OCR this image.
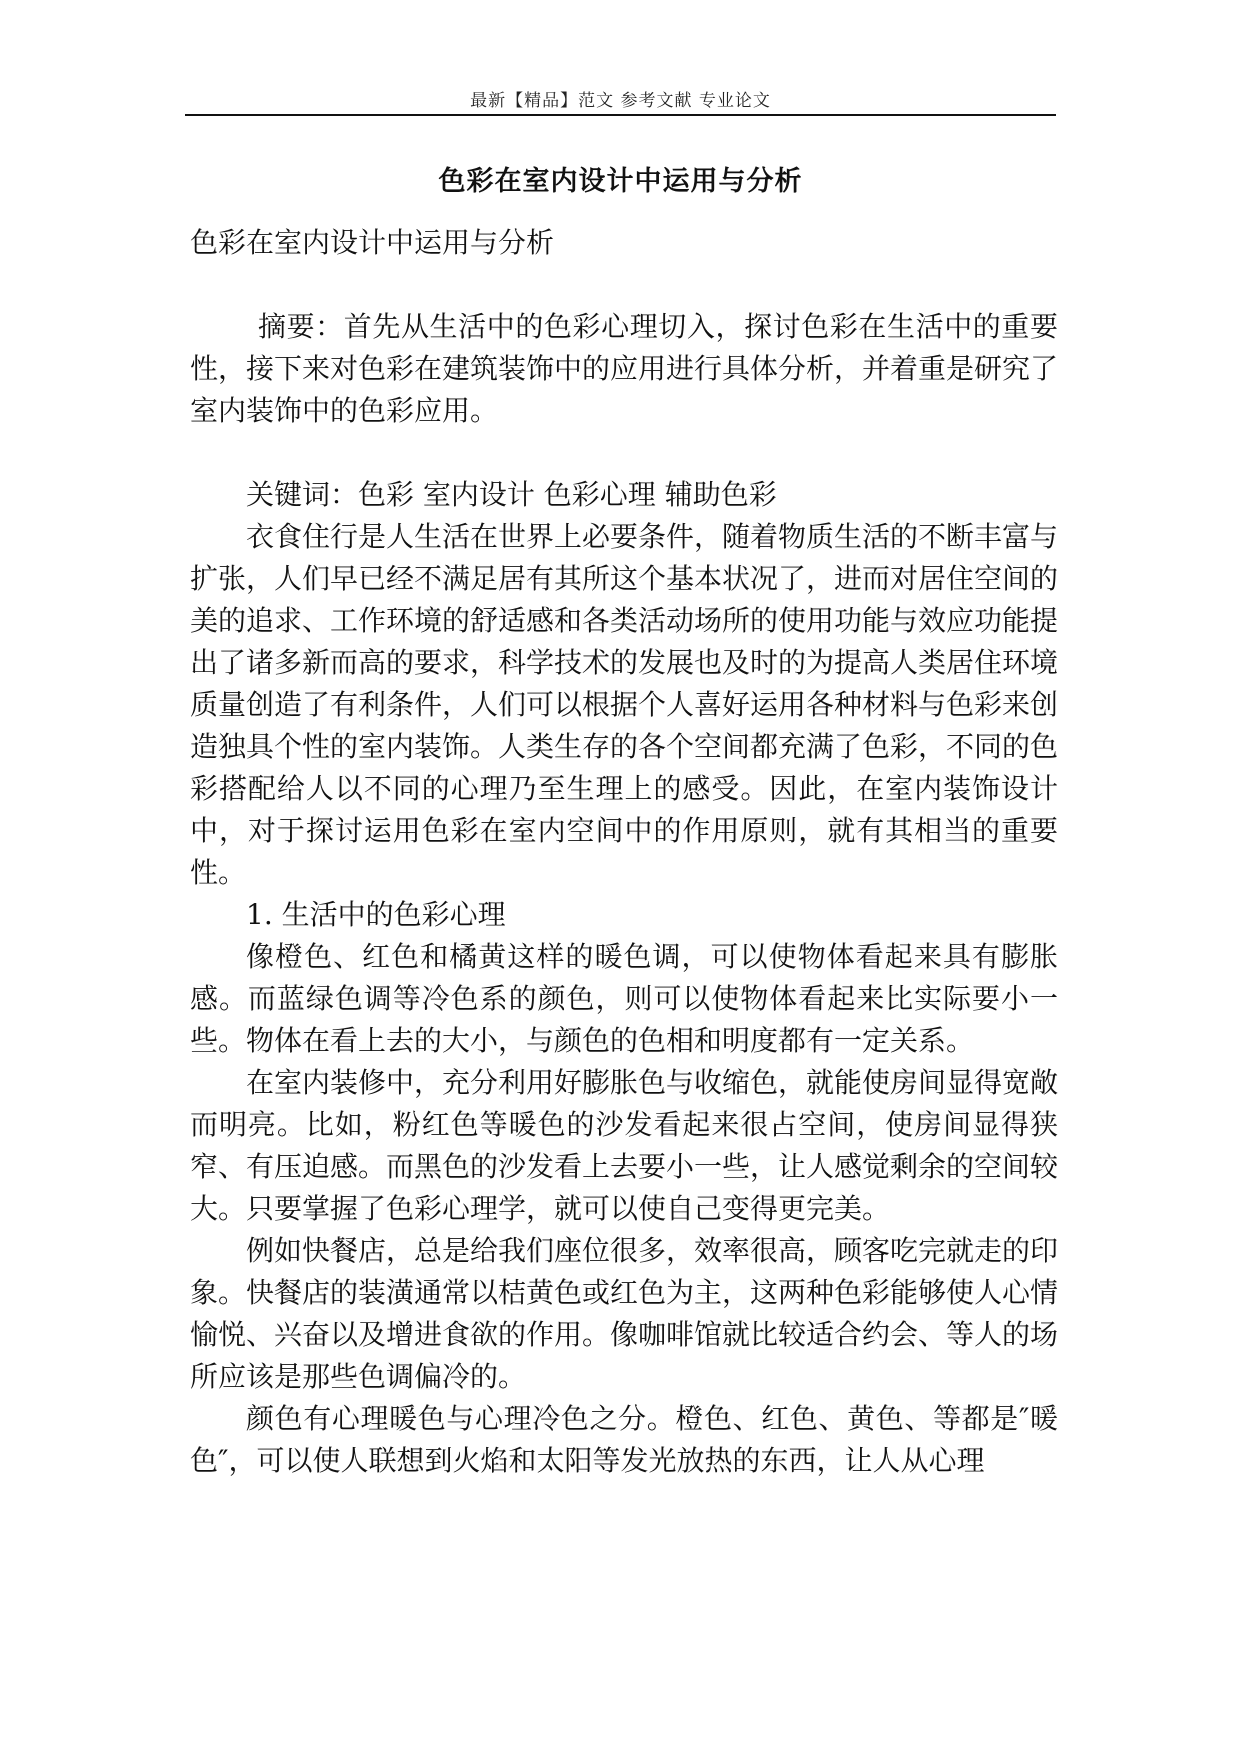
最新【精品】范文 参考文献 专业论文
色彩在室内设计中运用与分析

色彩在室内设计中运用与分析

摘要：首先从生活中的色彩心理切入，探讨色彩在生活中的重要性，接下来对色彩在建筑装饰中的应用进行具体分析，并着重是研究了室内装饰中的色彩应用。

关键词：色彩 室内设计 色彩心理 辅助色彩

衣食住行是人生活在世界上必要条件，随着物质生活的不断丰富与扩张，人们早已经不满足居有其所这个基本状况了，进而对居住空间的美的追求、工作环境的舒适感和各类活动场所的使用功能与效应功能提出了诸多新而高的要求，科学技术的发展也及时的为提高人类居住环境质量创造了有利条件，人们可以根据个人喜好运用各种材料与色彩来创造独具个性的室内装饰。人类生存的各个空间都充满了色彩，不同的色彩搭配给人以不同的心理乃至生理上的感受。因此，在室内装饰设计中，对于探讨运用色彩在室内空间中的作用原则，就有其相当的重要性。

1. 生活中的色彩心理

像橙色、红色和橘黄这样的暖色调，可以使物体看起来具有膨胀感。而蓝绿色调等冷色系的颜色，则可以使物体看起来比实际要小一些。物体在看上去的大小，与颜色的色相和明度都有一定关系。

在室内装修中，充分利用好膨胀色与收缩色，就能使房间显得宽敞而明亮。比如，粉红色等暖色的沙发看起来很占空间，使房间显得狭窄、有压迫感。而黑色的沙发看上去要小一些，让人感觉剩余的空间较大。只要掌握了色彩心理学，就可以使自己变得更完美。

例如快餐店，总是给我们座位很多，效率很高，顾客吃完就走的印象。快餐店的装潢通常以桔黄色或红色为主，这两种色彩能够使人心情愉悦、兴奋以及增进食欲的作用。像咖啡馆就比较适合约会、等人的场所应该是那些色调偏冷的。

颜色有心理暖色与心理冷色之分。橙色、红色、黄色、等都是″暖色″，可以使人联想到火焰和太阳等发光放热的东西，让人从心理
